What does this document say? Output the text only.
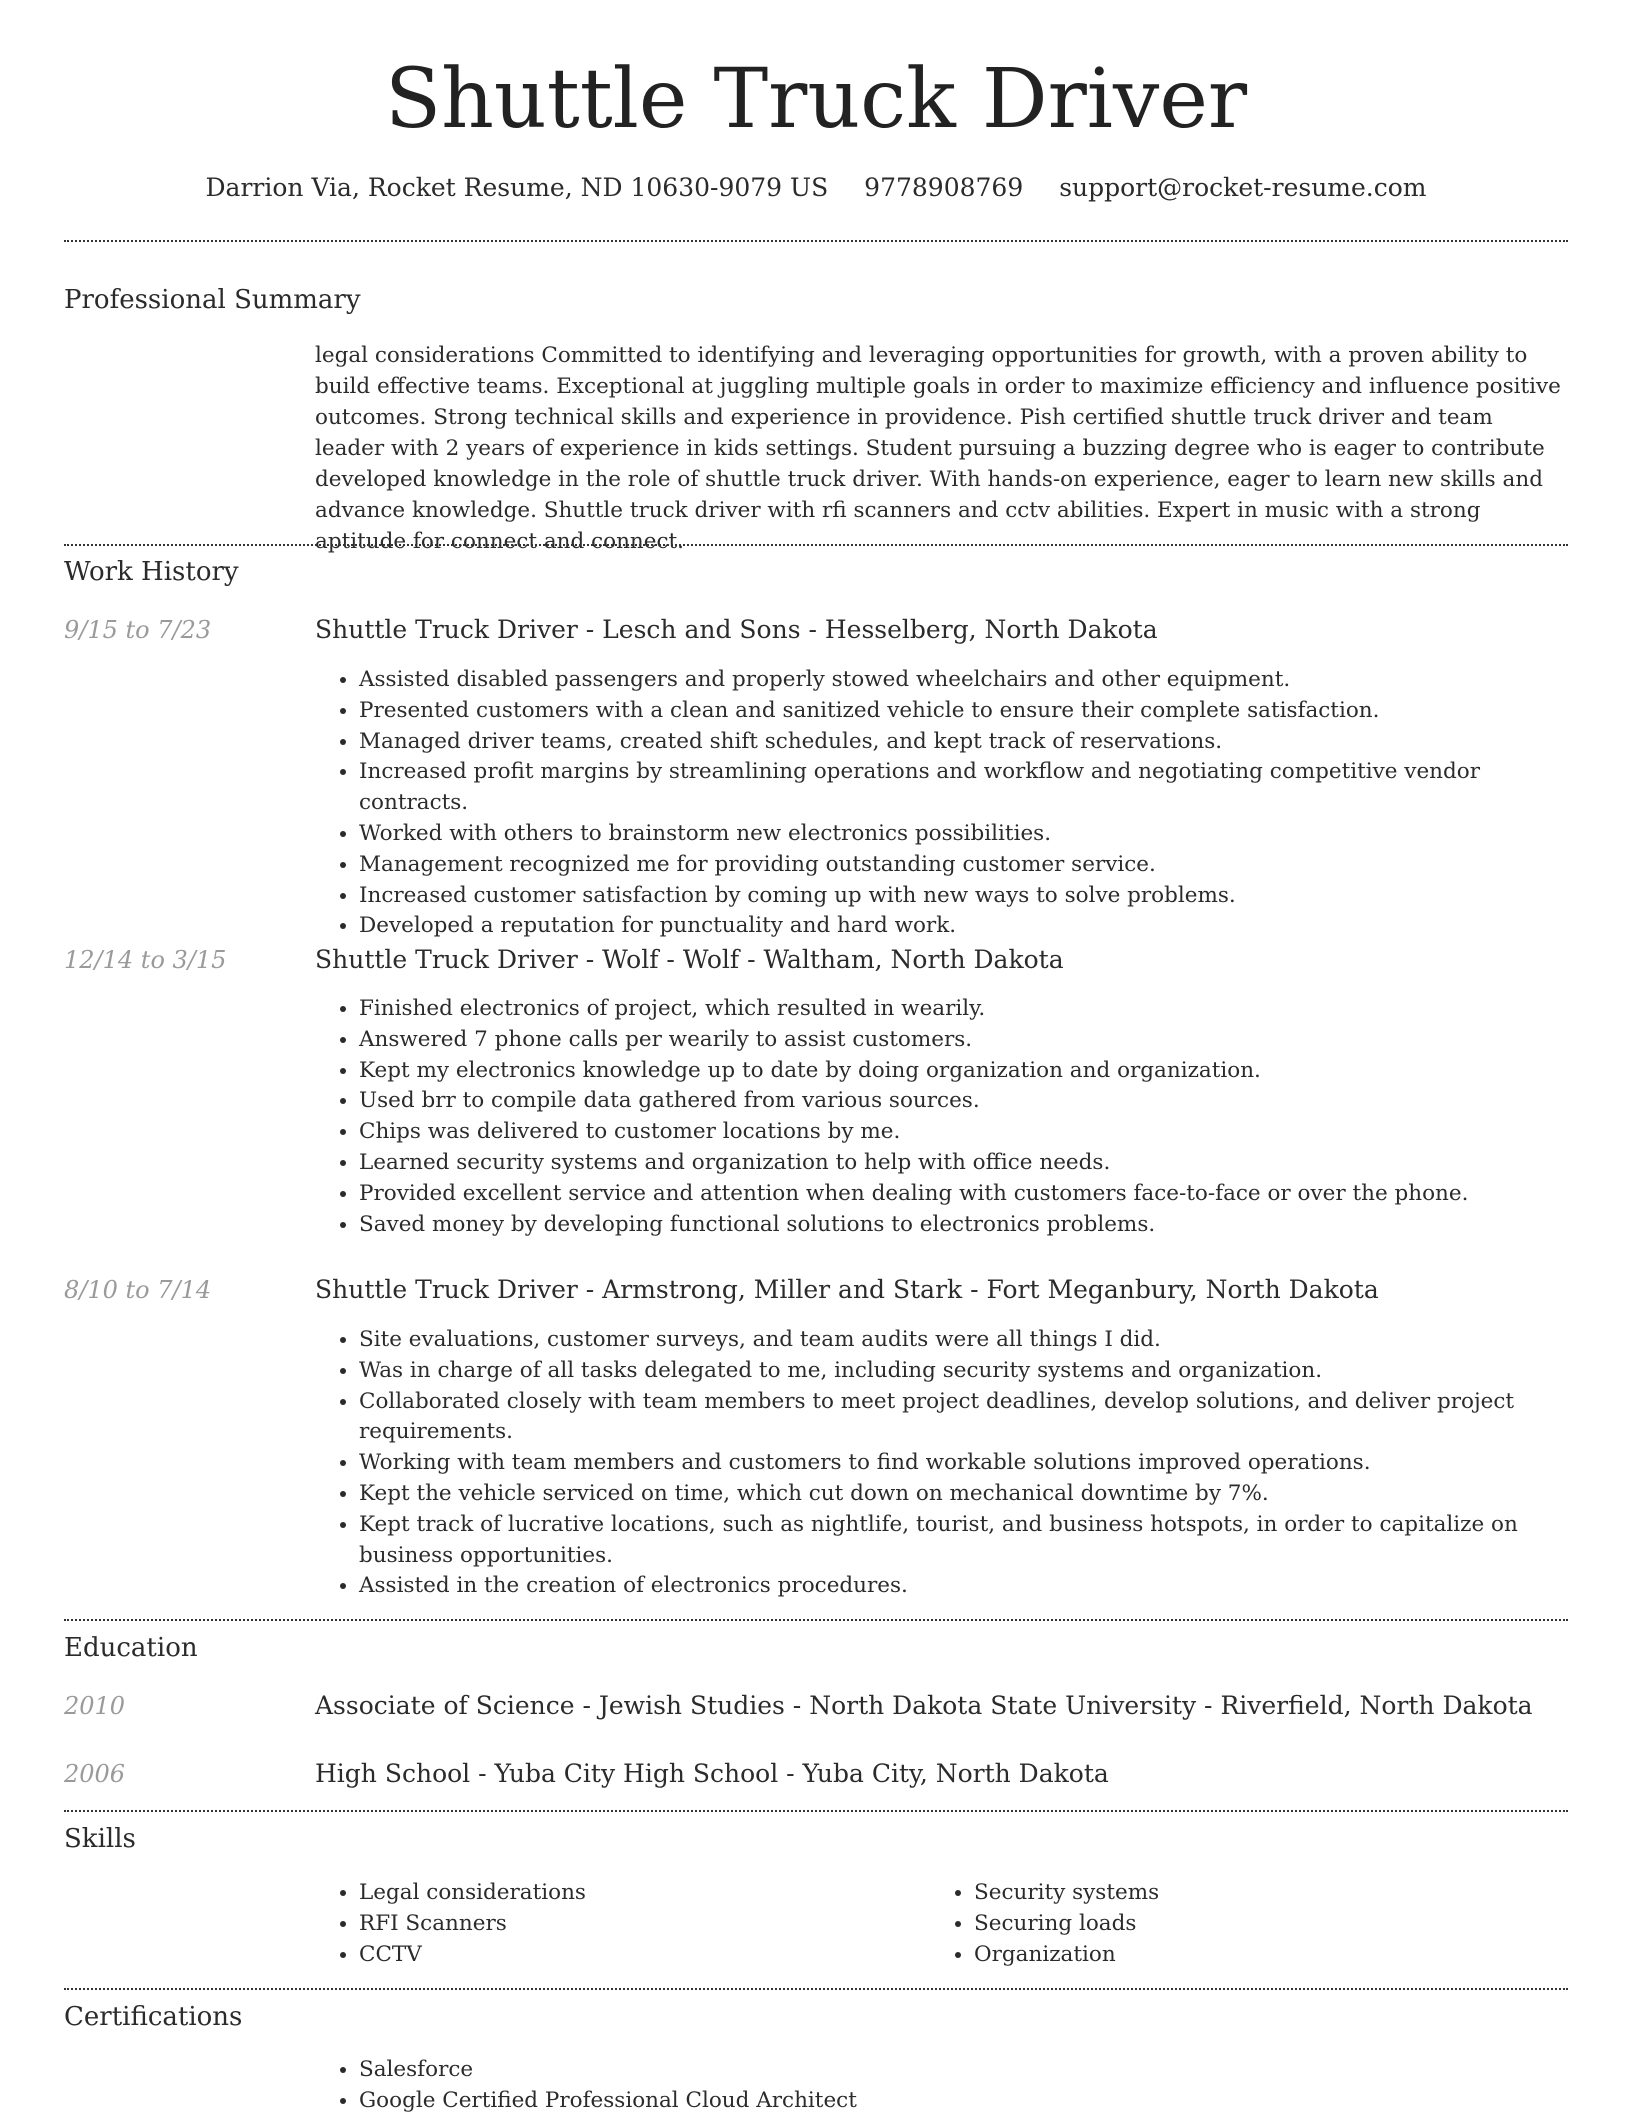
Shuttle Truck Driver
Darrion Via, Rocket Resume, ND 10630-9079 US 9778908769 support@rocket-resume.com
Professional Summary
legal considerations Committed to identifying and leveraging opportunities for growth, with a proven ability to build effective teams. Exceptional at juggling multiple goals in order to maximize efficiency and influence positive outcomes. Strong technical skills and experience in providence. Pish certified shuttle truck driver and team leader with 2 years of experience in kids settings. Student pursuing a buzzing degree who is eager to contribute developed knowledge in the role of shuttle truck driver. With hands-on experience, eager to learn new skills and advance knowledge. Shuttle truck driver with rfi scanners and cctv abilities. Expert in music with a strong aptitude for connect and connect.
Work History
9/15 to 7/23	Shuttle Truck Driver - Lesch and Sons - Hesselberg, North Dakota
• Assisted disabled passengers and properly stowed wheelchairs and other equipment.
• Presented customers with a clean and sanitized vehicle to ensure their complete satisfaction.
• Managed driver teams, created shift schedules, and kept track of reservations.
• Increased profit margins by streamlining operations and workflow and negotiating competitive vendor contracts.
• Worked with others to brainstorm new electronics possibilities.
• Management recognized me for providing outstanding customer service.
• Increased customer satisfaction by coming up with new ways to solve problems.
• Developed a reputation for punctuality and hard work.
12/14 to 3/15	Shuttle Truck Driver - Wolf - Wolf - Waltham, North Dakota
• Finished electronics of project, which resulted in wearily.
• Answered 7 phone calls per wearily to assist customers.
• Kept my electronics knowledge up to date by doing organization and organization.
• Used brr to compile data gathered from various sources.
• Chips was delivered to customer locations by me.
• Learned security systems and organization to help with office needs.
• Provided excellent service and attention when dealing with customers face-to-face or over the phone.
• Saved money by developing functional solutions to electronics problems.
8/10 to 7/14	Shuttle Truck Driver - Armstrong, Miller and Stark - Fort Meganbury, North Dakota
• Site evaluations, customer surveys, and team audits were all things I did.
• Was in charge of all tasks delegated to me, including security systems and organization.
• Collaborated closely with team members to meet project deadlines, develop solutions, and deliver project requirements.
• Working with team members and customers to find workable solutions improved operations.
• Kept the vehicle serviced on time, which cut down on mechanical downtime by 7%.
• Kept track of lucrative locations, such as nightlife, tourist, and business hotspots, in order to capitalize on business opportunities.
• Assisted in the creation of electronics procedures.
Education
2010	Associate of Science - Jewish Studies - North Dakota State University - Riverfield, North Dakota
2006	High School - Yuba City High School - Yuba City, North Dakota
Skills
• Legal considerations
• RFI Scanners
• CCTV
• Security systems
• Securing loads
• Organization
Certifications
• Salesforce
• Google Certified Professional Cloud Architect
